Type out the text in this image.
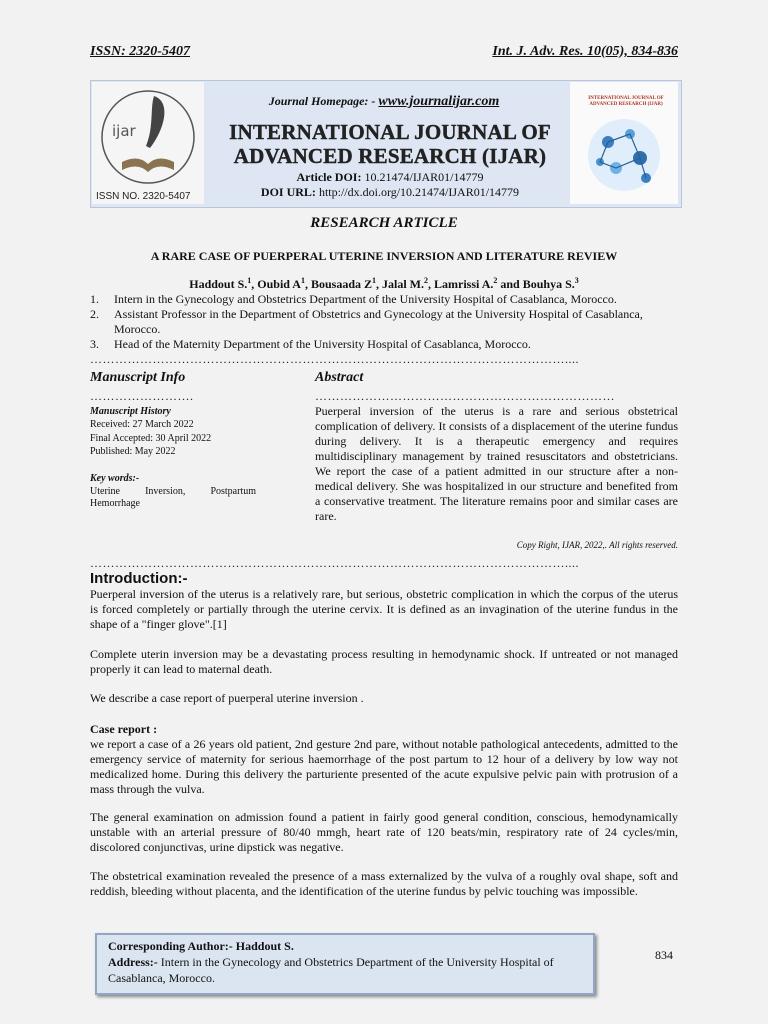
ISSN: 2320-5407	Int. J. Adv. Res. 10(05), 834-836
ijar
ISSN NO. 2320-5407
INTERNATIONAL JOURNAL OF ADVANCED RESEARCH (IJAR)
Journal Homepage: - www.journalijar.com
INTERNATIONAL JOURNAL OF
ADVANCED RESEARCH (IJAR)
Article DOI: 10.21474/IJAR01/14779
DOI URL: http://dx.doi.org/10.21474/IJAR01/14779
RESEARCH ARTICLE
A RARE CASE OF PUERPERAL UTERINE INVERSION AND LITERATURE REVIEW
Haddout S.$^1$, Oubid $A^1$, Bousaada $Z^1$, Jalal M.$^2$, Lamrissi A.$^2$ and Bouhya S.$^3$
1. Intern in the Gynecology and Obstetrics Department of the University Hospital of Casablanca, Morocco.
2. Assistant Professor in the Department of Obstetrics and Gynecology at the University Hospital of Casablanca,
Morocco.
3. Head of the Maternity Department of the University Hospital of Casablanca, Morocco.
……………………………………………………………………………………………………....
Manuscript Info
…………………….
Manuscript History
Received: 27 March 2022
Final Accepted: 30 April 2022
Published: May 2022
Key words:-
Uterine	Inversion,	Postpartum
Hemorrhage
Abstract
………………………………………………………………
Puerperal inversion of the uterus is a rare and serious obstetrical complication of delivery. It consists of a displacement of the uterine fundus during delivery. It is a therapeutic emergency and requires multidisciplinary management by trained resuscitators and obstetricians. We report the case of a patient admitted in our structure after a non-medical delivery. She was hospitalized in our structure and benefited from a conservative treatment. The literature remains poor and similar cases are rare.
Copy Right, IJAR, 2022,. All rights reserved.
……………………………………………………………………………………………………....
Introduction:-
Puerperal inversion of the uterus is a relatively rare, but serious, obstetric complication in which the corpus of the uterus is forced completely or partially through the uterine cervix. It is defined as an invagination of the uterine fundus in the shape of a "finger glove".[1]
Complete uterin inversion may be a devastating process resulting in hemodynamic shock. If untreated or not managed properly it can lead to maternal death.
We describe a case report of puerperal uterine inversion .
Case report :
we report a case of a 26 years old patient, 2nd gesture 2nd pare, without notable pathological antecedents, admitted to the emergency service of maternity for serious haemorrhage of the post partum to 12 hour of a delivery by low way not medicalized home. During this delivery the parturiente presented of the acute expulsive pelvic pain with protrusion of a mass through the vulva.
The general examination on admission found a patient in fairly good general condition, conscious, hemodynamically unstable with an arterial pressure of 80/40 mmgh, heart rate of 120 beats/min, respiratory rate of 24 cycles/min, discolored conjunctivas, urine dipstick was negative.
The obstetrical examination revealed the presence of a mass externalized by the vulva of a roughly oval shape, soft and reddish, bleeding without placenta, and the identification of the uterine fundus by pelvic touching was impossible.
Corresponding Author:- Haddout S.
Address:- Intern in the Gynecology and Obstetrics Department of the University Hospital of Casablanca, Morocco.
834
